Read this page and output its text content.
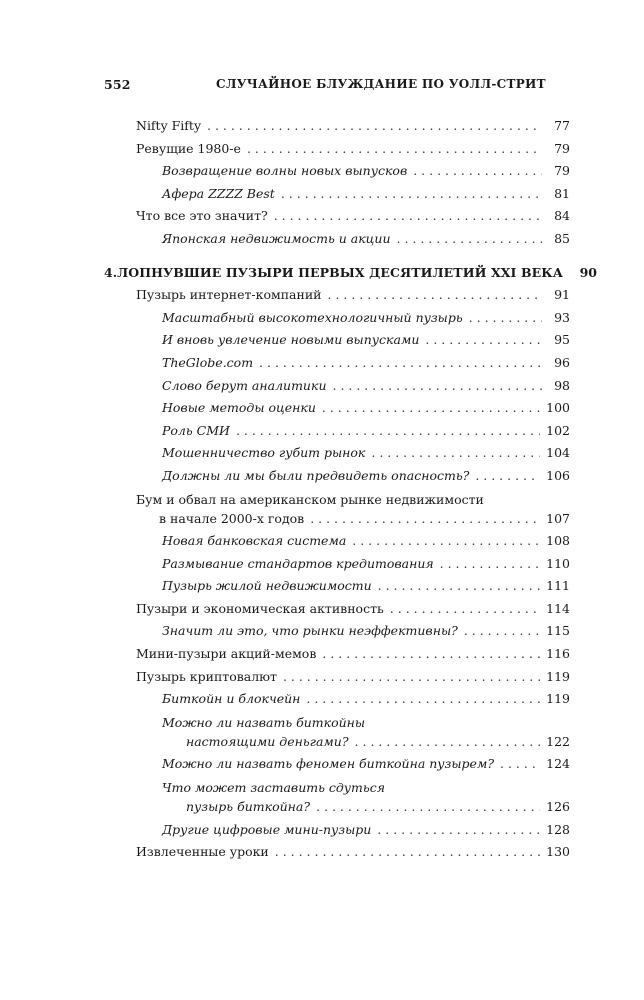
552	СЛУЧАЙНОЕ БЛУЖДАНИЕ ПО УОЛЛ-СТРИТ
Nifty Fifty . . .	77
Ревущие 1980-е . . .	79
Возвращение волны новых выпусков . . .	79
Афера ZZZZ Best . . .	81
Что все это значит? . . .	84
Японская недвижимость и акции . . .	85
4. ЛОПНУВШИЕ ПУЗЫРИ ПЕРВЫХ ДЕСЯТИЛЕТИЙ XXI ВЕКА	90
Пузырь интернет-компаний . . .	91
Масштабный высокотехнологичный пузырь . . .	93
И вновь увлечение новыми выпусками . . .	95
TheGlobe.com . . .	96
Слово берут аналитики . . .	98
Новые методы оценки . . .	100
Роль СМИ . . .	102
Мошенничество губит рынок . . .	104
Должны ли мы были предвидеть опасность? . . .	106
Бум и обвал на американском рынке недвижимости
в начале 2000-х годов . . .	107
Новая банковская система . . .	108
Размывание стандартов кредитования . . .	110
Пузырь жилой недвижимости . . .	111
Пузыри и экономическая активность . . .	114
Значит ли это, что рынки неэффективны? . . .	115
Мини-пузыри акций-мемов . . .	116
Пузырь криптовалют . . .	119
Биткойн и блокчейн . . .	119
Можно ли назвать биткойны
настоящими деньгами? . . .	122
Можно ли назвать феномен биткойна пузырем? . . .	124
Что может заставить сдуться
пузырь биткойна? . . .	126
Другие цифровые мини-пузыри . . .	128
Извлеченные уроки . . .	130
